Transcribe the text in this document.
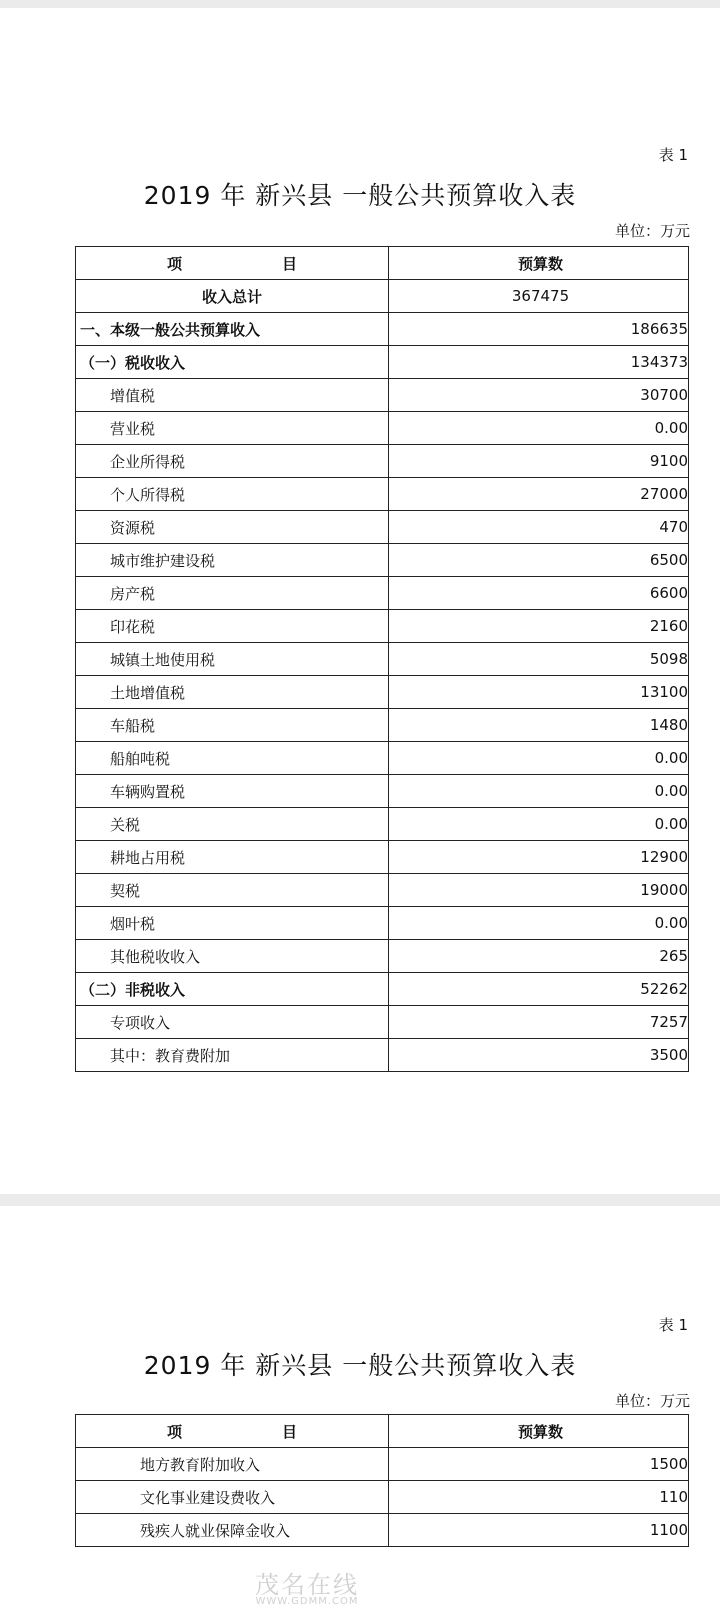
表 1
2019 年 新兴县 一般公共预算收入表
单位：万元
项 目	预算数
收入总计	367475
一、本级一般公共预算收入	186635
（一）税收收入	134373
增值税	30700
营业税	0.00
企业所得税	9100
个人所得税	27000
资源税	470
城市维护建设税	6500
房产税	6600
印花税	2160
城镇土地使用税	5098
土地增值税	13100
车船税	1480
船舶吨税	0.00
车辆购置税	0.00
关税	0.00
耕地占用税	12900
契税	19000
烟叶税	0.00
其他税收收入	265
（二）非税收入	52262
专项收入	7257
其中：教育费附加	3500
表 1
2019 年 新兴县 一般公共预算收入表
单位：万元
项 目	预算数
地方教育附加收入	1500
文化事业建设费收入	110
残疾人就业保障金收入	1100
茂名在线
WWW.GDMM.COM
